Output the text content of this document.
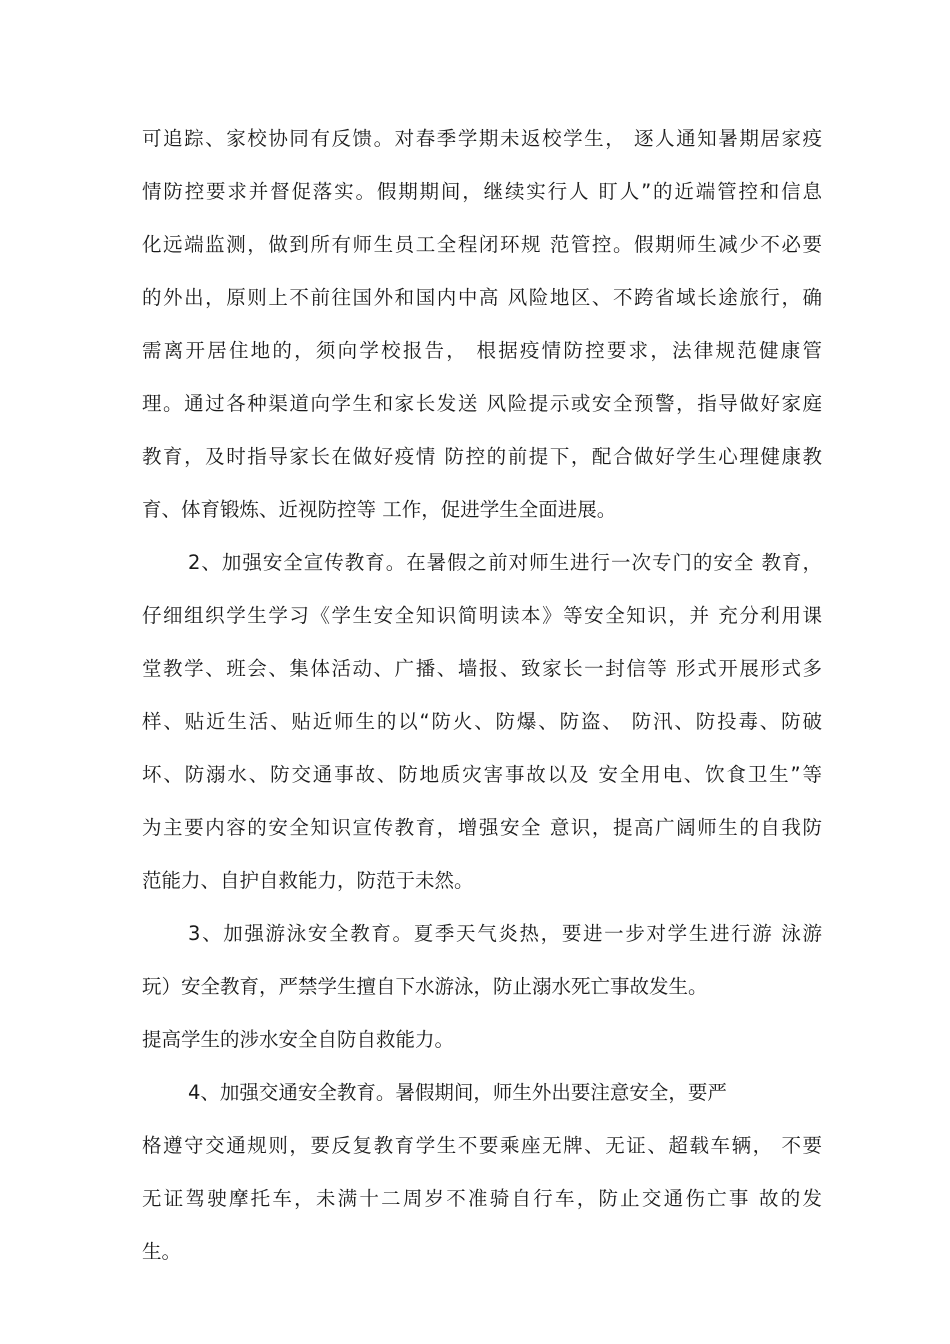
可追踪、家校协同有反馈。对春季学期未返校学生， 逐人通知暑期居家疫
情防控要求并督促落实。假期期间，继续实行人 盯人”的近端管控和信息
化远端监测，做到所有师生员工全程闭环规 范管控。假期师生减少不必要
的外出，原则上不前往国外和国内中高 风险地区、不跨省域长途旅行，确
需离开居住地的，须向学校报告， 根据疫情防控要求，法律规范健康管
理。通过各种渠道向学生和家长发送 风险提示或安全预警，指导做好家庭
教育，及时指导家长在做好疫情 防控的前提下，配合做好学生心理健康教
育、体育锻炼、近视防控等 工作，促进学生全面进展。
2、加强安全宣传教育。在暑假之前对师生进行一次专门的安全 教育，
仔细组织学生学习《学生安全知识简明读本》等安全知识，并 充分利用课
堂教学、班会、集体活动、广播、墙报、致家长一封信等 形式开展形式多
样、贴近生活、贴近师生的以“防火、防爆、防盗、 防汛、防投毒、防破
坏、防溺水、防交通事故、防地质灾害事故以及 安全用电、饮食卫生”等
为主要内容的安全知识宣传教育，增强安全 意识，提高广阔师生的自我防
范能力、自护自救能力，防范于未然。
3、加强游泳安全教育。夏季天气炎热，要进一步对学生进行游 泳游
玩）安全教育，严禁学生擅自下水游泳，防止溺水死亡事故发生。
提高学生的涉水安全自防自救能力。
4、加强交通安全教育。暑假期间，师生外出要注意安全，要严
格遵守交通规则，要反复教育学生不要乘座无牌、无证、超载车辆， 不要
无证驾驶摩托车，未满十二周岁不准骑自行车，防止交通伤亡事 故的发
生。
